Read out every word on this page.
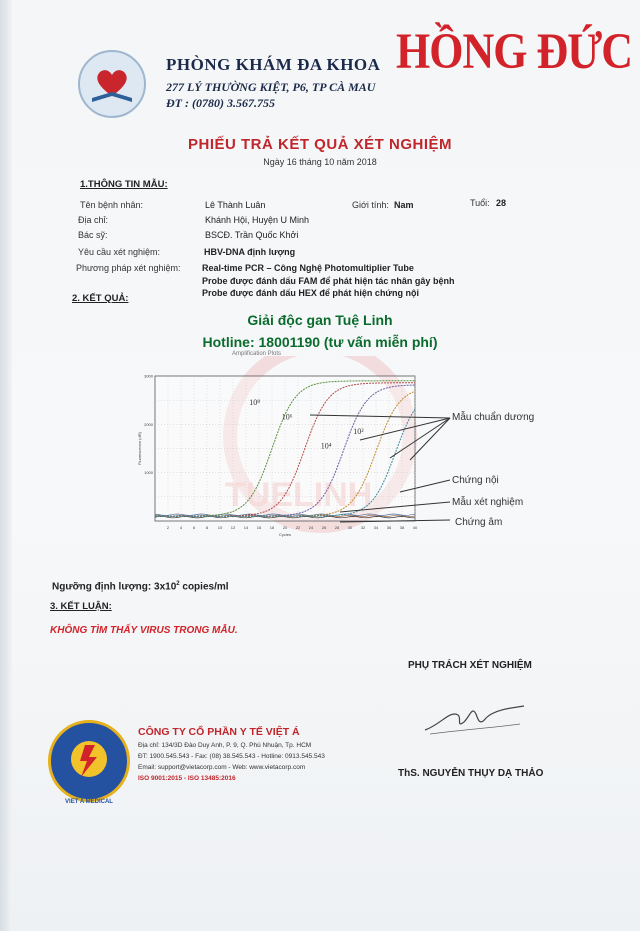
PHÒNG KHÁM ĐA KHOA
277 LÝ THƯỜNG KIỆT, P6, TP CÀ MAU
ĐT : (0780) 3.567.755
HỒNG ĐỨC
PHIẾU TRẢ KẾT QUẢ XÉT NGHIỆM
Ngày 16 tháng 10 năm 2018
1.THÔNG TIN MẪU:
Tên bệnh nhân:	Lê Thành Luân	Giới tính: Nam	Tuổi: 28
Địa chỉ:	Khánh Hội, Huyện U Minh
Bác sỹ:	BSCĐ. Trần Quốc Khởi
Yêu cầu xét nghiệm:	HBV-DNA định lượng
Phương pháp xét nghiệm: Real-time PCR – Công Nghệ Photomultiplier Tube
Probe được đánh dấu FAM để phát hiện tác nhân gây bệnh
Probe được đánh dấu HEX để phát hiện chứng nội
2. KẾT QUẢ:
Giải độc gan Tuệ Linh
Hotline: 18001190 (tư vấn miễn phí)
Amplification Plots
2	4	6	8 10 12 14 16 18 20 22 24 26 28 30 32 34 36 38 40
3000
2000
1000
Cycles
Fluorescence (dR)
10⁸
10⁶
10⁴
10²
Mẫu chuẩn dương
Chứng nội
Mẫu xét nghiệm
Chứng âm
Ngưỡng định lượng: $3x10^2$ copies/ml
3. KẾT LUẬN:
KHÔNG TÌM THẤY VIRUS TRONG MẪU.
PHỤ TRÁCH XÉT NGHIỆM
ThS. NGUYỄN THỤY DẠ THẢO
VIET A MEDICAL
CÔNG TY CỔ PHẦN Y TẾ VIỆT Á
Địa chỉ: 134/3D Đào Duy Anh, P. 9, Q. Phú Nhuận, Tp. HCM
ĐT: 1900.545.543 - Fax: (08) 38.545.543 - Hotline: 0913.545.543
Email: support@vietacorp.com - Web: www.vietacorp.com
ISO 9001:2015 - ISO 13485:2016
